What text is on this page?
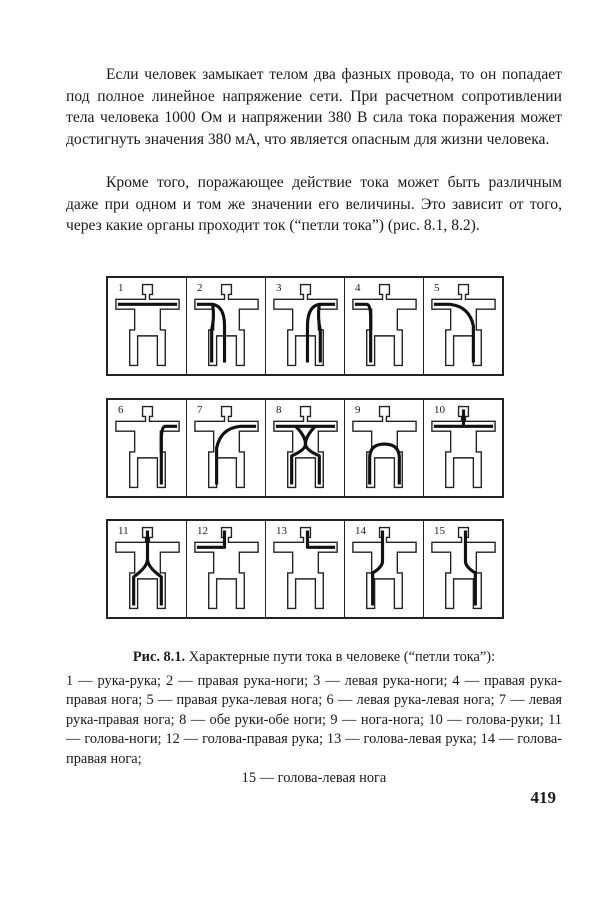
Если человек замыкает телом два фазных провода, то он попадает под полное линейное напряжение сети. При расчетном сопротивлении тела человека 1000 Ом и напряжении 380 В сила тока поражения может достигнуть значения 380 мА, что является опасным для жизни человека.

Кроме того, поражающее действие тока может быть различным даже при одном и том же значении его величины. Это зависит от того, через какие органы проходит ток (“петли тока”) (рис. 8.1, 8.2).

1	2	3	4	5
6	7	8	9	10
11	12	13	14	15

Рис. 8.1. Характерные пути тока в человеке (“петли тока”):

1 — рука-рука; 2 — правая рука-ноги; 3 — левая рука-ноги; 4 — правая рука-правая нога; 5 — правая рука-левая нога; 6 — левая рука-левая нога; 7 — левая рука-правая нога; 8 — обе руки-обе ноги; 9 — нога-нога; 10 — голова-руки; 11 — голова-ноги; 12 — голова-правая рука; 13 — голова-левая рука; 14 — голова-правая нога;

15 — голова-левая нога

419
